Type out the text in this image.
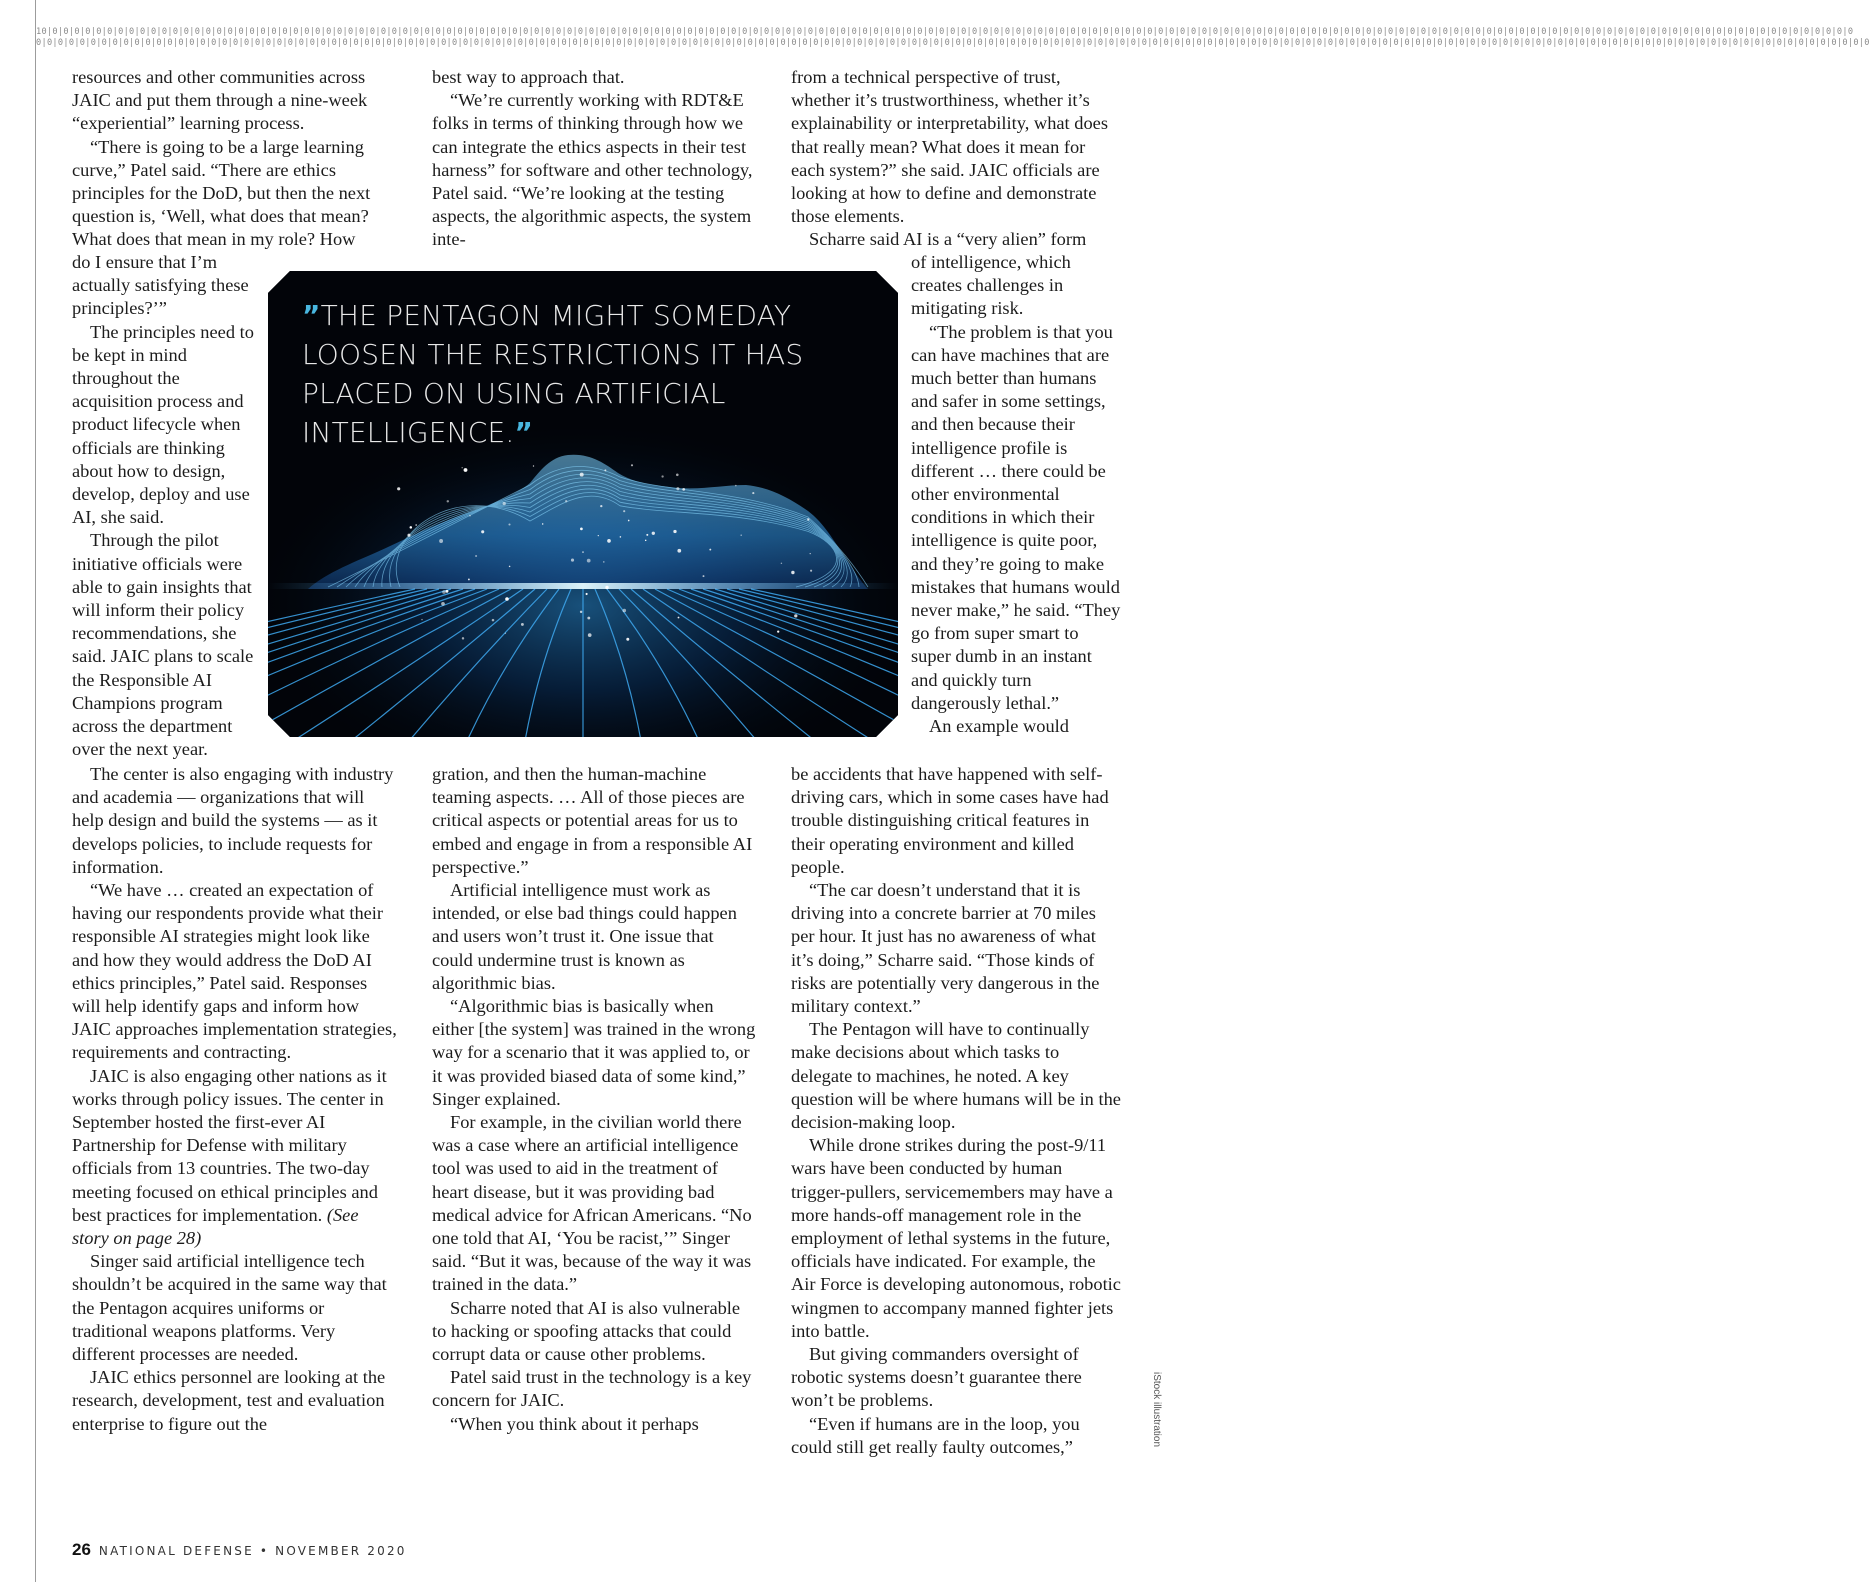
10|0|0|0|0|0|0|0|0|0|0|0|0|0|0|0|0|0|0|0|0|0|0|0|0|0|0|0|0|0|0|0|0|0|0|0|0|0|0|0|0|0|0|0|0|0|0|0|0|0|0|0|0|0|0|0|0|0|0|0|0|0|0|0|0|0|0|0|0|0|0|0|0|0|0|0|0|0|0|0|0|0|0|0|0|0|0|0|0|0|0|0|0|0|0|0|0|0|0|0|0|0|0|0|0|0|0|0|0|0|0|0|0|0|0|0|0|0|0|0|0|0|0|0|0|0|0|0|0|0|0|0|0|0|0|0|0|0|0|0|0|0|0|0|0|0|0|0|0|0|0|0|0|0|0|0|0|0|0|0|0|0|0|0|0|0
0|0|0|0|0|0|0|0|0|0|0|0|0|0|0|0|0|0|0|0|0|0|0|0|0|0|0|0|0|0|0|0|0|0|0|0|0|0|0|0|0|0|0|0|0|0|0|0|0|0|0|0|0|0|0|0|0|0|0|0|0|0|0|0|0|0|0|0|0|0|0|0|0|0|0|0|0|0|0|0|0|0|0|0|0|0|0|0|0|0|0|0|0|0|0|0|0|0|0|0|0|0|0|0|0|0|0|0|0|0|0|0|0|0|0|0|0|0|0|0|0|0|0|0|0|0|0|0|0|0|0|0|0|0|0|0|0|0|0|0|0|0|0|0|0|0|0|0|0|0|0|0|0|0|0|0|0|0|0|0|0|0|0|0|0|0|0|0

resources and other communities across JAIC and put them through a nine-week “experiential” learning process.

“There is going to be a large learning curve,” Patel said. “There are ethics principles for the DoD, but then the next question is, ‘Well, what does that mean? What does that mean in my role? How

do I ensure that I’m actually satisfying these principles?’”

The principles need to be kept in mind throughout the acquisition process and product lifecycle when officials are thinking about how to design, develop, deploy and use AI, she said.

Through the pilot initiative officials were able to gain insights that will inform their policy recommendations, she said. JAIC plans to scale the Responsible AI Champions program across the department over the next year.

The center is also engaging with industry and academia — organizations that will help design and build the systems — as it develops policies, to include requests for information.

“We have … created an expectation of having our respondents provide what their responsible AI strategies might look like and how they would address the DoD AI ethics principles,” Patel said. Responses will help identify gaps and inform how JAIC approaches implementation strategies, requirements and contracting.

JAIC is also engaging other nations as it works through policy issues. The center in September hosted the first-ever AI Partnership for Defense with military officials from 13 countries. The two-day meeting focused on ethical principles and best practices for implementation. (See story on page 28)

Singer said artificial intelligence tech shouldn’t be acquired in the same way that the Pentagon acquires uniforms or traditional weapons platforms. Very different processes are needed.

JAIC ethics personnel are looking at the research, development, test and evaluation enterprise to figure out the

best way to approach that.

“We’re currently working with RDT&E folks in terms of thinking through how we can integrate the ethics aspects in their test harness” for software and other technology, Patel said. “We’re looking at the testing aspects, the algorithmic aspects, the system inte-

gration, and then the human-machine teaming aspects. … All of those pieces are critical aspects or potential areas for us to embed and engage in from a responsible AI perspective.”

Artificial intelligence must work as intended, or else bad things could happen and users won’t trust it. One issue that could undermine trust is known as algorithmic bias.

“Algorithmic bias is basically when either [the system] was trained in the wrong way for a scenario that it was applied to, or it was provided biased data of some kind,” Singer explained.

For example, in the civilian world there was a case where an artificial intelligence tool was used to aid in the treatment of heart disease, but it was providing bad medical advice for African Americans. “No one told that AI, ‘You be racist,’” Singer said. “But it was, because of the way it was trained in the data.”

Scharre noted that AI is also vulnerable to hacking or spoofing attacks that could corrupt data or cause other problems.

Patel said trust in the technology is a key concern for JAIC.

“When you think about it perhaps

from a technical perspective of trust, whether it’s trustworthiness, whether it’s explainability or interpretability, what does that really mean? What does it mean for each system?” she said. JAIC officials are looking at how to define and demonstrate those elements.

Scharre said AI is a “very alien” form

of intelligence, which creates challenges in mitigating risk.

“The problem is that you can have machines that are much better than humans and safer in some settings, and then because their intelligence profile is different … there could be other environmental conditions in which their intelligence is quite poor, and they’re going to make mistakes that humans would never make,” he said. “They go from super smart to super dumb in an instant and quickly turn dangerously lethal.”

An example would

be accidents that have happened with self-driving cars, which in some cases have had trouble distinguishing critical features in their operating environment and killed people.

“The car doesn’t understand that it is driving into a concrete barrier at 70 miles per hour. It just has no awareness of what it’s doing,” Scharre said. “Those kinds of risks are potentially very dangerous in the military context.”

The Pentagon will have to continually make decisions about which tasks to delegate to machines, he noted. A key question will be where humans will be in the decision-making loop.

While drone strikes during the post-9/11 wars have been conducted by human trigger-pullers, servicemembers may have a more hands-off management role in the employment of lethal systems in the future, officials have indicated. For example, the Air Force is developing autonomous, robotic wingmen to accompany manned fighter jets into battle.

But giving commanders oversight of robotic systems doesn’t guarantee there won’t be problems.

“Even if humans are in the loop, you could still get really faulty outcomes,”

”THE PENTAGON MIGHT SOMEDAY LOOSEN THE RESTRICTIONS IT HAS PLACED ON USING ARTIFICIAL INTELLIGENCE.”
iStock illustration
26 NATIONAL DEFENSE • NOVEMBER 2020
